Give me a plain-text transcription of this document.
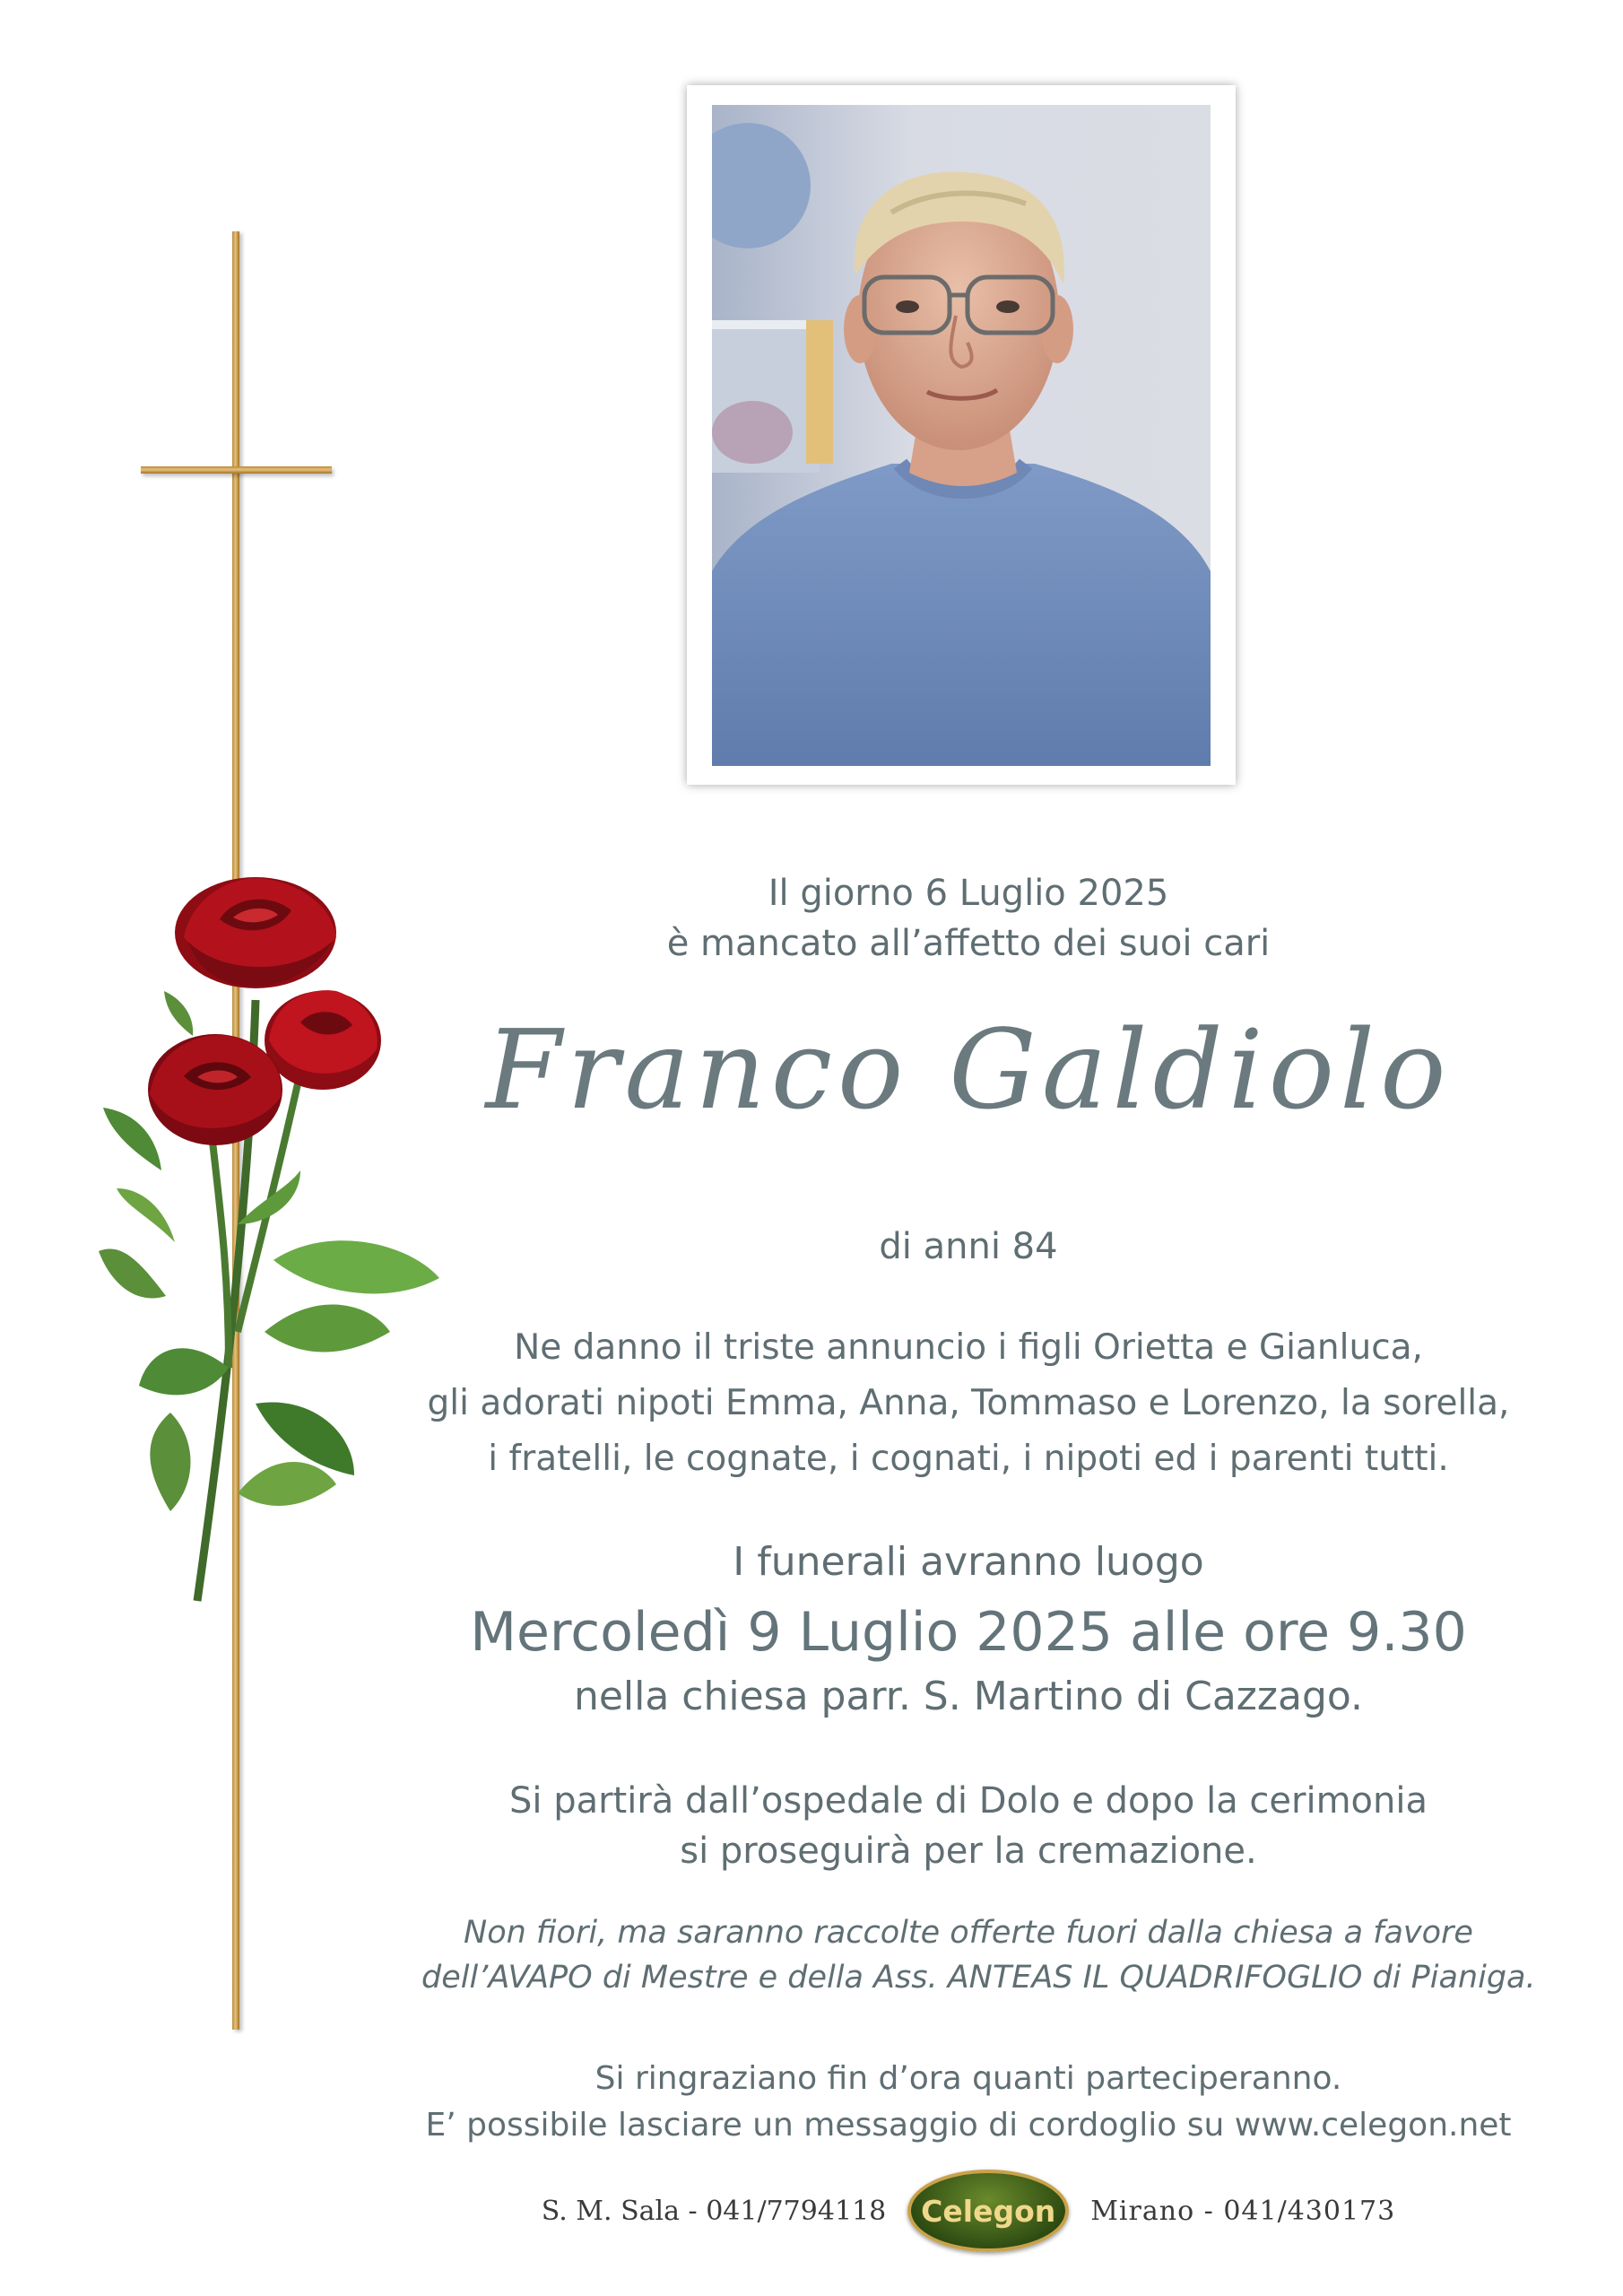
Il giorno 6 Luglio 2025
è mancato all’affetto dei suoi cari
Franco Galdiolo
di anni 84
Ne danno il triste annuncio i figli Orietta e Gianluca,
gli adorati nipoti Emma, Anna, Tommaso e Lorenzo, la sorella,
i fratelli, le cognate, i cognati, i nipoti ed i parenti tutti.
I funerali avranno luogo
Mercoledì 9 Luglio 2025 alle ore 9.30
nella chiesa parr. S. Martino di Cazzago.
Si partirà dall’ospedale di Dolo e dopo la cerimonia
si proseguirà per la cremazione.
Non fiori, ma saranno raccolte offerte fuori dalla chiesa a favore
dell’AVAPO di Mestre e della Ass. ANTEAS IL QUADRIFOGLIO di Pianiga.
Si ringraziano fin d’ora quanti parteciperanno.
E’ possibile lasciare un messaggio di cordoglio su www.celegon.net
S. M. Sala - 041/7794118 Celegon Mirano - 041/430173
